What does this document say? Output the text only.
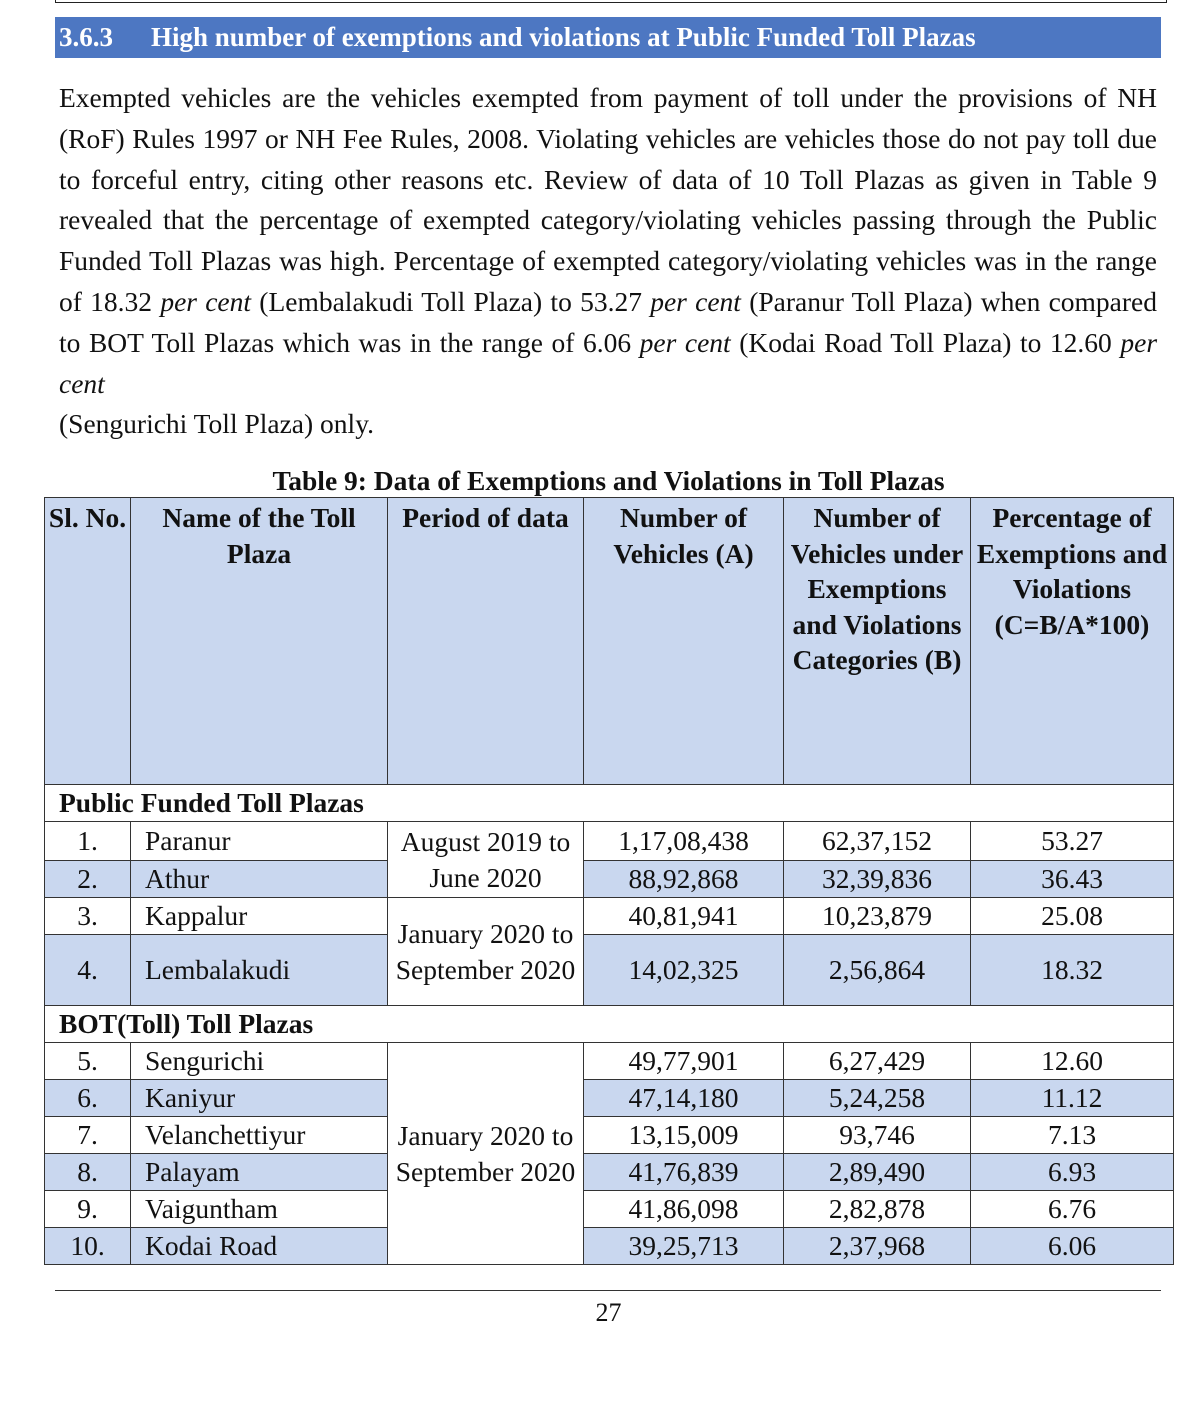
3.6.3 High number of exemptions and violations at Public Funded Toll Plazas

Exempted vehicles are the vehicles exempted from payment of toll under the provisions of NH (RoF) Rules 1997 or NH Fee Rules, 2008. Violating vehicles are vehicles those do not pay toll due to forceful entry, citing other reasons etc. Review of data of 10 Toll Plazas as given in Table 9 revealed that the percentage of exempted category/violating vehicles passing through the Public Funded Toll Plazas was high. Percentage of exempted category/violating vehicles was in the range of 18.32 per cent (Lembalakudi Toll Plaza) to 53.27 per cent (Paranur Toll Plaza) when compared to BOT Toll Plazas which was in the range of 6.06 per cent (Kodai Road Toll Plaza) to 12.60 per cent

(Sengurichi Toll Plaza) only.

Table 9: Data of Exemptions and Violations in Toll Plazas
Sl. No.	Name of the Toll Plaza	Period of data	Number of Vehicles (A)	Number of Vehicles under Exemptions and Violations Categories (B)	Percentage of Exemptions and Violations (C=B/A*100)
Public Funded Toll Plazas					
1.	Paranur	August 2019 to June 2020	1,17,08,438	62,37,152	53.27
2.	Athur		88,92,868	32,39,836	36.43
3.	Kappalur	January 2020 to September 2020	40,81,941	10,23,879	25.08
4.	Lembalakudi		14,02,325	2,56,864	18.32
BOT(Toll) Toll Plazas					
5.	Sengurichi	January 2020 to September 2020	49,77,901	6,27,429	12.60
6.	Kaniyur		47,14,180	5,24,258	11.12
7.	Velanchettiyur		13,15,009	93,746	7.13
8.	Palayam		41,76,839	2,89,490	6.93
9.	Vaiguntham		41,86,098	2,82,878	6.76
10.	Kodai Road		39,25,713	2,37,968	6.06
27
